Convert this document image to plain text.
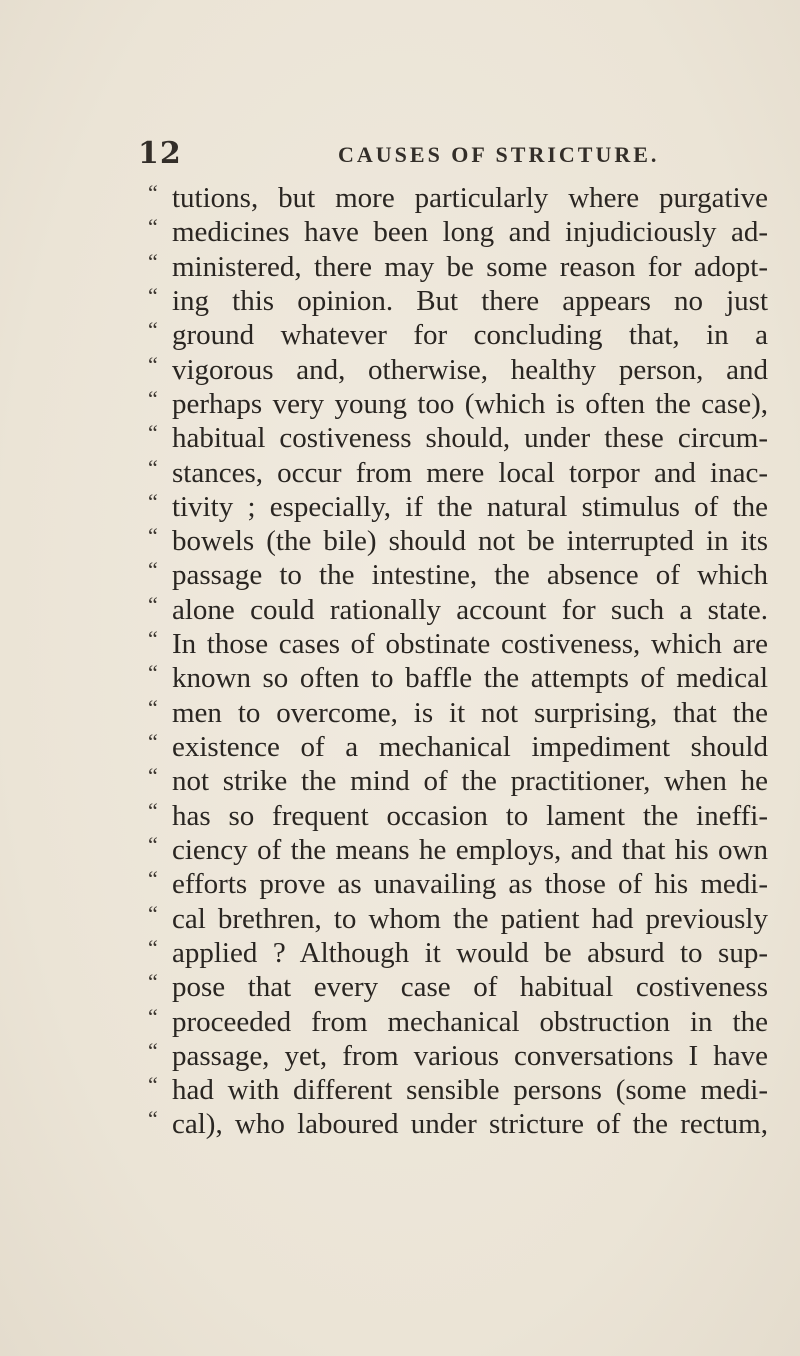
12	CAUSES OF STRICTURE.
“ tutions, but more particularly where purgative
“ medicines have been long and injudiciously ad-
“ ministered, there may be some reason for adopt-
“ ing this opinion. But there appears no just
“ ground whatever for concluding that, in a
“ vigorous and, otherwise, healthy person, and
“ perhaps very young too (which is often the case),
“ habitual costiveness should, under these circum-
“ stances, occur from mere local torpor and inac-
“ tivity ; especially, if the natural stimulus of the
“ bowels (the bile) should not be interrupted in its
“ passage to the intestine, the absence of which
“ alone could rationally account for such a state.
“ In those cases of obstinate costiveness, which are
“ known so often to baffle the attempts of medical
“ men to overcome, is it not surprising, that the
“ existence of a mechanical impediment should
“ not strike the mind of the practitioner, when he
“ has so frequent occasion to lament the ineffi-
“ ciency of the means he employs, and that his own
“ efforts prove as unavailing as those of his medi-
“ cal brethren, to whom the patient had previously
“ applied ? Although it would be absurd to sup-
“ pose that every case of habitual costiveness
“ proceeded from mechanical obstruction in the
“ passage, yet, from various conversations I have
“ had with different sensible persons (some medi-
“ cal), who laboured under stricture of the rectum,
